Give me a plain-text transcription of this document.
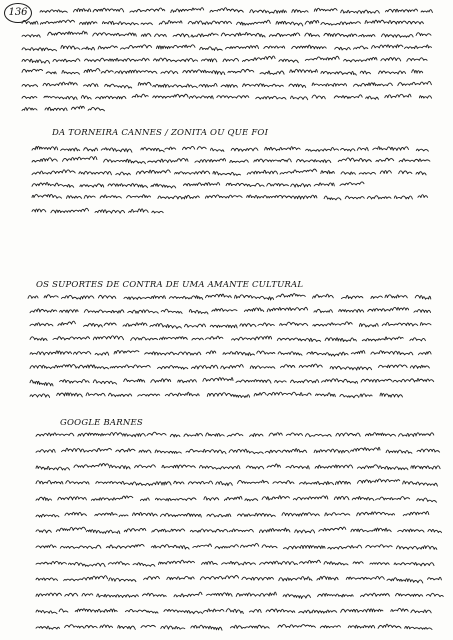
136
DA TORNEIRA CANNES / ZONITA OU QUE FOI
OS SUPORTES DE CONTRA DE UMA AMANTE CULTURAL
GOOGLE BARNES
